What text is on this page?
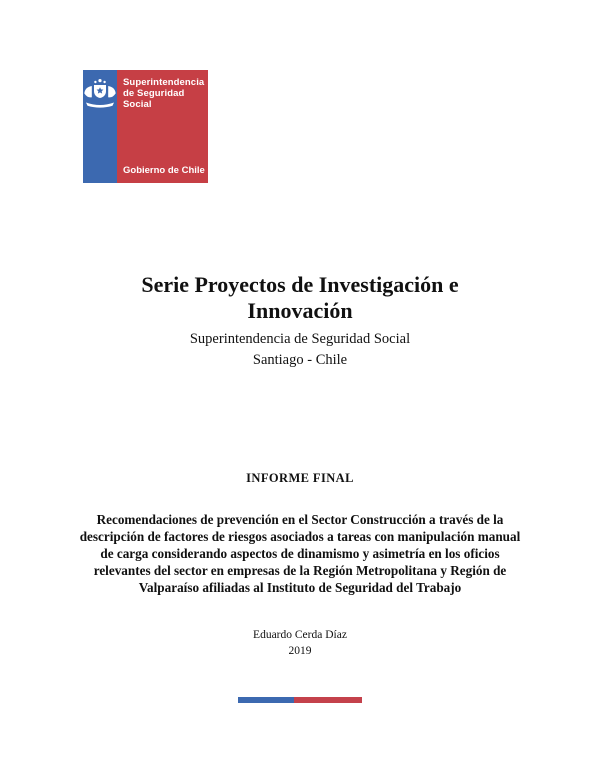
Superintendencia
de Seguridad
Social
Gobierno de Chile
Serie Proyectos de Investigación e
Innovación
Superintendencia de Seguridad Social
Santiago - Chile
INFORME FINAL
Recomendaciones de prevención en el Sector Construcción a través de la descripción de factores de riesgos asociados a tareas con manipulación manual de carga considerando aspectos de dinamismo y asimetría en los oficios relevantes del sector en empresas de la Región Metropolitana y Región de Valparaíso afiliadas al Instituto de Seguridad del Trabajo
Eduardo Cerda Díaz
2019
